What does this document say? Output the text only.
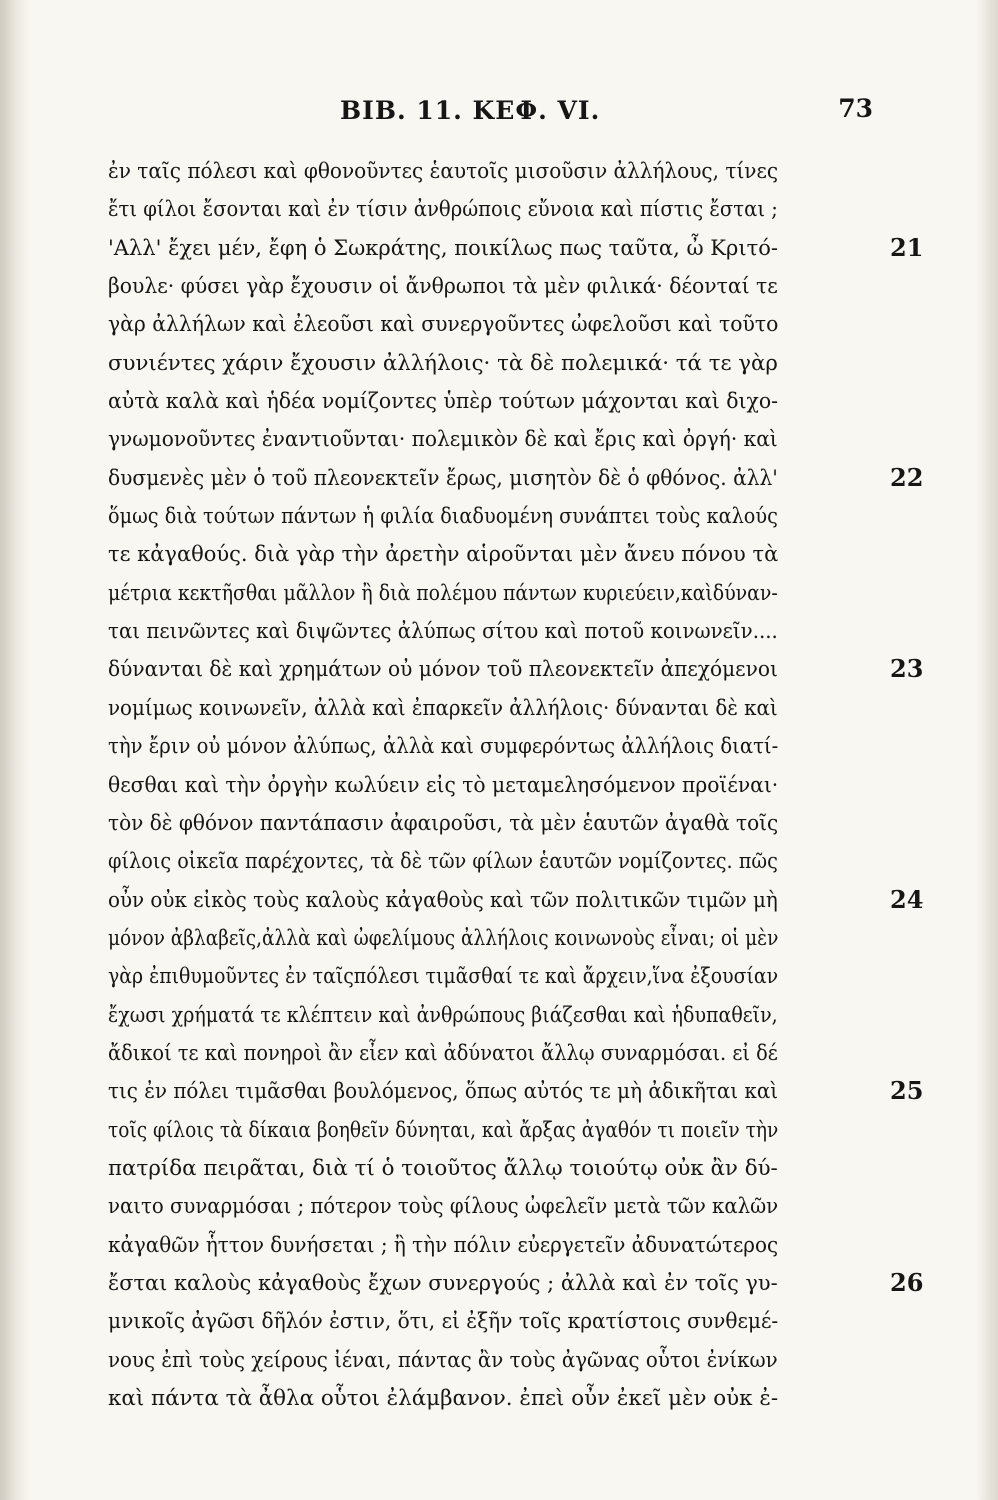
BIB. 11. ΚΕΦ. VI.	73
ἐν ταῖς πόλεσι καὶ φθονοῦντες ἑαυτοῖς μισοῦσιν ἀλλήλους, τίνες
ἔτι φίλοι ἔσονται καὶ ἐν τίσιν ἀνθρώποις εὔνοια καὶ πίστις ἔσται ;
'Αλλ' ἔχει μέν, ἔφη ὁ Σωκράτης, ποικίλως πως ταῦτα, ὦ Κριτό-	21
βουλε· φύσει γὰρ ἔχουσιν οἱ ἄνθρωποι τὰ μὲν φιλικά· δέονταί τε
γὰρ ἀλλήλων καὶ ἐλεοῦσι καὶ συνεργοῦντες ὠφελοῦσι καὶ τοῦτο
συνιέντες χάριν ἔχουσιν ἀλλήλοις· τὰ δὲ πολεμικά· τά τε γὰρ
αὐτὰ καλὰ καὶ ἡδέα νομίζοντες ὑπὲρ τούτων μάχονται καὶ διχο-
γνωμονοῦντες ἐναντιοῦνται· πολεμικὸν δὲ καὶ ἔρις καὶ ὀργή· καὶ
δυσμενὲς μὲν ὁ τοῦ πλεονεκτεῖν ἔρως, μισητὸν δὲ ὁ φθόνος. ἀλλ'	22
ὅμως διὰ τούτων πάντων ἡ φιλία διαδυομένη συνάπτει τοὺς καλούς
τε κἀγαθούς. διὰ γὰρ τὴν ἀρετὴν αἱροῦνται μὲν ἄνευ πόνου τὰ
μέτρια κεκτῆσθαι μᾶλλον ἢ διὰ πολέμου πάντων κυριεύειν,καὶδύναν-
ται πεινῶντες καὶ διψῶντες ἀλύπως σίτου καὶ ποτοῦ κοινωνεῖν....
δύνανται δὲ καὶ χρημάτων οὐ μόνον τοῦ πλεονεκτεῖν ἀπεχόμενοι	23
νομίμως κοινωνεῖν, ἀλλὰ καὶ ἐπαρκεῖν ἀλλήλοις· δύνανται δὲ καὶ
τὴν ἔριν οὐ μόνον ἀλύπως, ἀλλὰ καὶ συμφερόντως ἀλλήλοις διατί-
θεσθαι καὶ τὴν ὀργὴν κωλύειν εἰς τὸ μεταμελησόμενον προϊέναι·
τὸν δὲ φθόνον παντάπασιν ἀφαιροῦσι, τὰ μὲν ἑαυτῶν ἀγαθὰ τοῖς
φίλοις οἰκεῖα παρέχοντες, τὰ δὲ τῶν φίλων ἑαυτῶν νομίζοντες. πῶς
οὖν οὐκ εἰκὸς τοὺς καλοὺς κἀγαθοὺς καὶ τῶν πολιτικῶν τιμῶν μὴ	24
μόνον ἀβλαβεῖς,ἀλλὰ καὶ ὠφελίμους ἀλλήλοις κοινωνοὺς εἶναι; οἱ μὲν
γὰρ ἐπιθυμοῦντες ἐν ταῖςπόλεσι τιμᾶσθαί τε καὶ ἄρχειν,ἵνα ἐξουσίαν
ἔχωσι χρήματά τε κλέπτειν καὶ ἀνθρώπους βιάζεσθαι καὶ ἡδυπαθεῖν,
ἄδικοί τε καὶ πονηροὶ ἂν εἶεν καὶ ἀδύνατοι ἄλλῳ συναρμόσαι. εἰ δέ
τις ἐν πόλει τιμᾶσθαι βουλόμενος, ὅπως αὐτός τε μὴ ἀδικῆται καὶ	25
τοῖς φίλοις τὰ δίκαια βοηθεῖν δύνηται, καὶ ἄρξας ἀγαθόν τι ποιεῖν τὴν
πατρίδα πειρᾶται, διὰ τί ὁ τοιοῦτος ἄλλῳ τοιούτῳ οὐκ ἂν δύ-
ναιτο συναρμόσαι ; πότερον τοὺς φίλους ὠφελεῖν μετὰ τῶν καλῶν
κἀγαθῶν ἧττον δυνήσεται ; ἢ τὴν πόλιν εὐεργετεῖν ἀδυνατώτερος
ἔσται καλοὺς κἀγαθοὺς ἔχων συνεργούς ; ἀλλὰ καὶ ἐν τοῖς γυ-	26
μνικοῖς ἀγῶσι δῆλόν ἐστιν, ὅτι, εἰ ἐξῆν τοῖς κρατίστοις συνθεμέ-
νους ἐπὶ τοὺς χείρους ἰέναι, πάντας ἂν τοὺς ἀγῶνας οὗτοι ἐνίκων
καὶ πάντα τὰ ἆθλα οὗτοι ἐλάμβανον. ἐπεὶ οὖν ἐκεῖ μὲν οὐκ ἐ-
